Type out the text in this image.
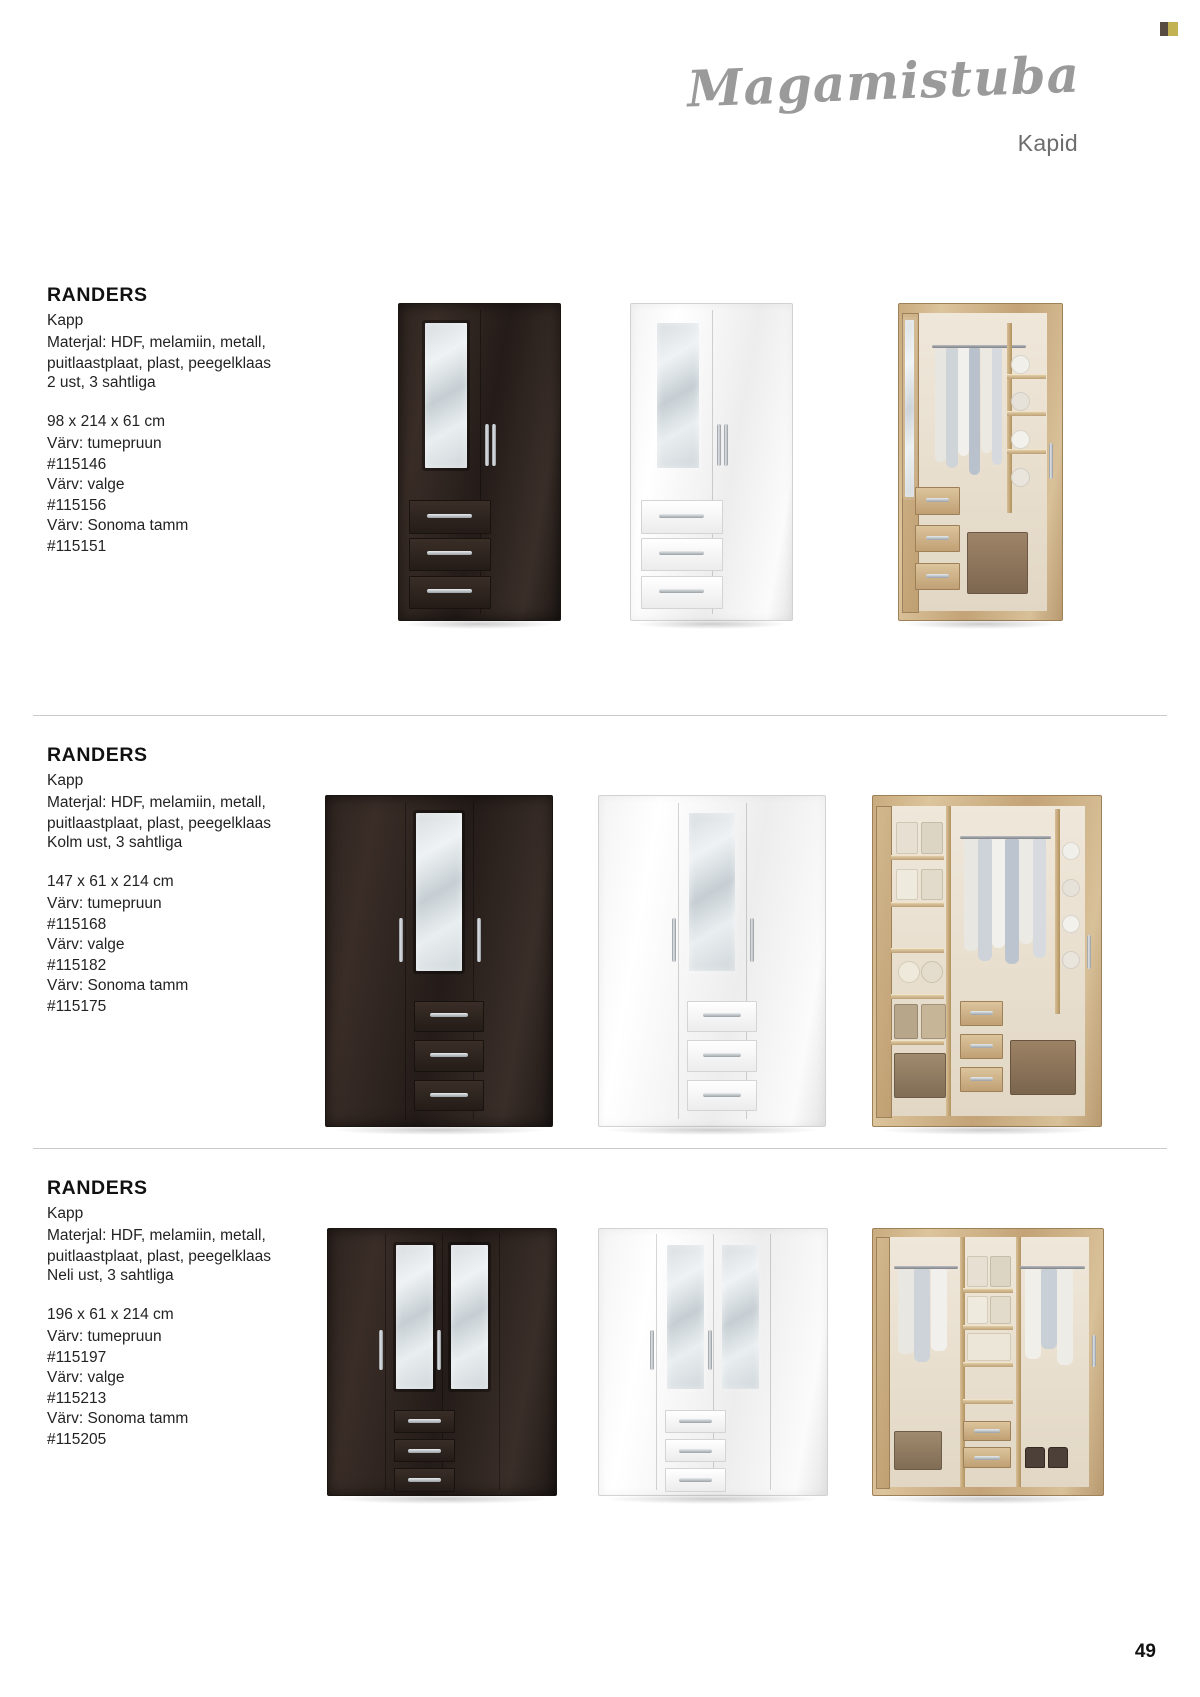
Magamistuba
Kapid
RANDERS
Kapp
Materjal: HDF, melamiin, metall, puitlaastplaat, plast, peegelklaas
2 ust, 3 sahtliga
98 x 214 x 61 cm
Värv: tumepruun
#115146
Värv: valge
#115156
Värv: Sonoma tamm
#115151
RANDERS
Kapp
Materjal: HDF, melamiin, metall, puitlaastplaat, plast, peegelklaas
Kolm ust, 3 sahtliga
147 x 61 x 214 cm
Värv: tumepruun
#115168
Värv: valge
#115182
Värv: Sonoma tamm
#115175
RANDERS
Kapp
Materjal: HDF, melamiin, metall, puitlaastplaat, plast, peegelklaas
Neli ust, 3 sahtliga
196 x 61 x 214 cm
Värv: tumepruun
#115197
Värv: valge
#115213
Värv: Sonoma tamm
#115205
49
